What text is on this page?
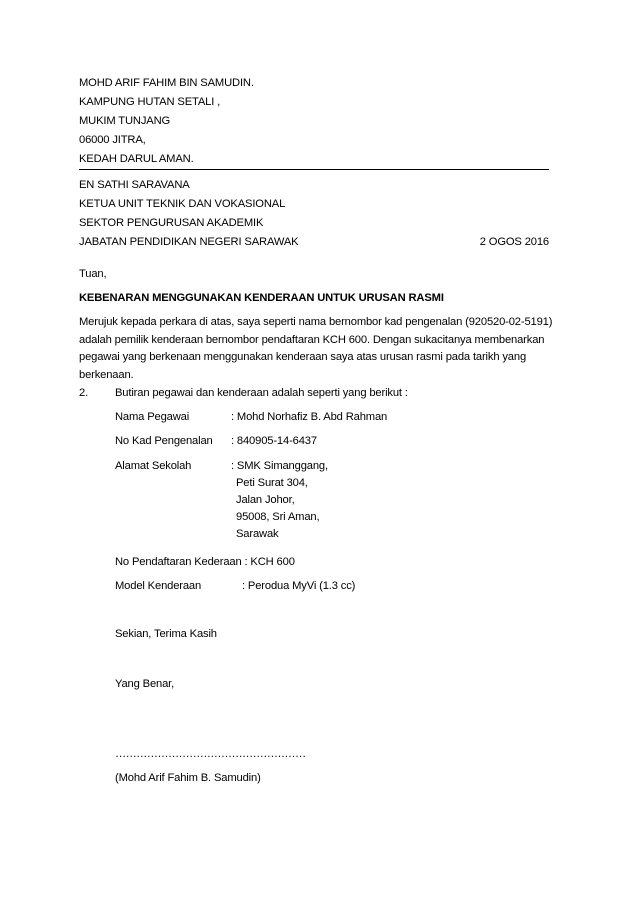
MOHD ARIF FAHIM BIN SAMUDIN.
KAMPUNG HUTAN SETALI ,
MUKIM TUNJANG
06000 JITRA,
KEDAH DARUL AMAN.
EN SATHI SARAVANA
KETUA UNIT TEKNIK DAN VOKASIONAL
SEKTOR PENGURUSAN AKADEMIK
JABATAN PENDIDIKAN NEGERI SARAWAK	2 OGOS 2016
Tuan,
KEBENARAN MENGGUNAKAN KENDERAAN UNTUK URUSAN RASMI
Merujuk kepada perkara di atas, saya seperti nama bernombor kad pengenalan (920520-02-5191)
adalah pemilik kenderaan bernombor pendaftaran KCH 600. Dengan sukacitanya membenarkan
pegawai yang berkenaan menggunakan kenderaan saya atas urusan rasmi pada tarikh yang
berkenaan.
2. Butiran pegawai dan kenderaan adalah seperti yang berikut :
Nama Pegawai	: Mohd Norhafiz B. Abd Rahman
No Kad Pengenalan : 840905-14-6437
Alamat Sekolah	: SMK Simanggang,
Peti Surat 304,
Jalan Johor,
95008, Sri Aman,
Sarawak
No Pendaftaran Kederaan : KCH 600
Model Kenderaan	: Perodua MyVi (1.3 cc)
Sekian, Terima Kasih
Yang Benar,
………………………………………………
(Mohd Arif Fahim B. Samudin)
